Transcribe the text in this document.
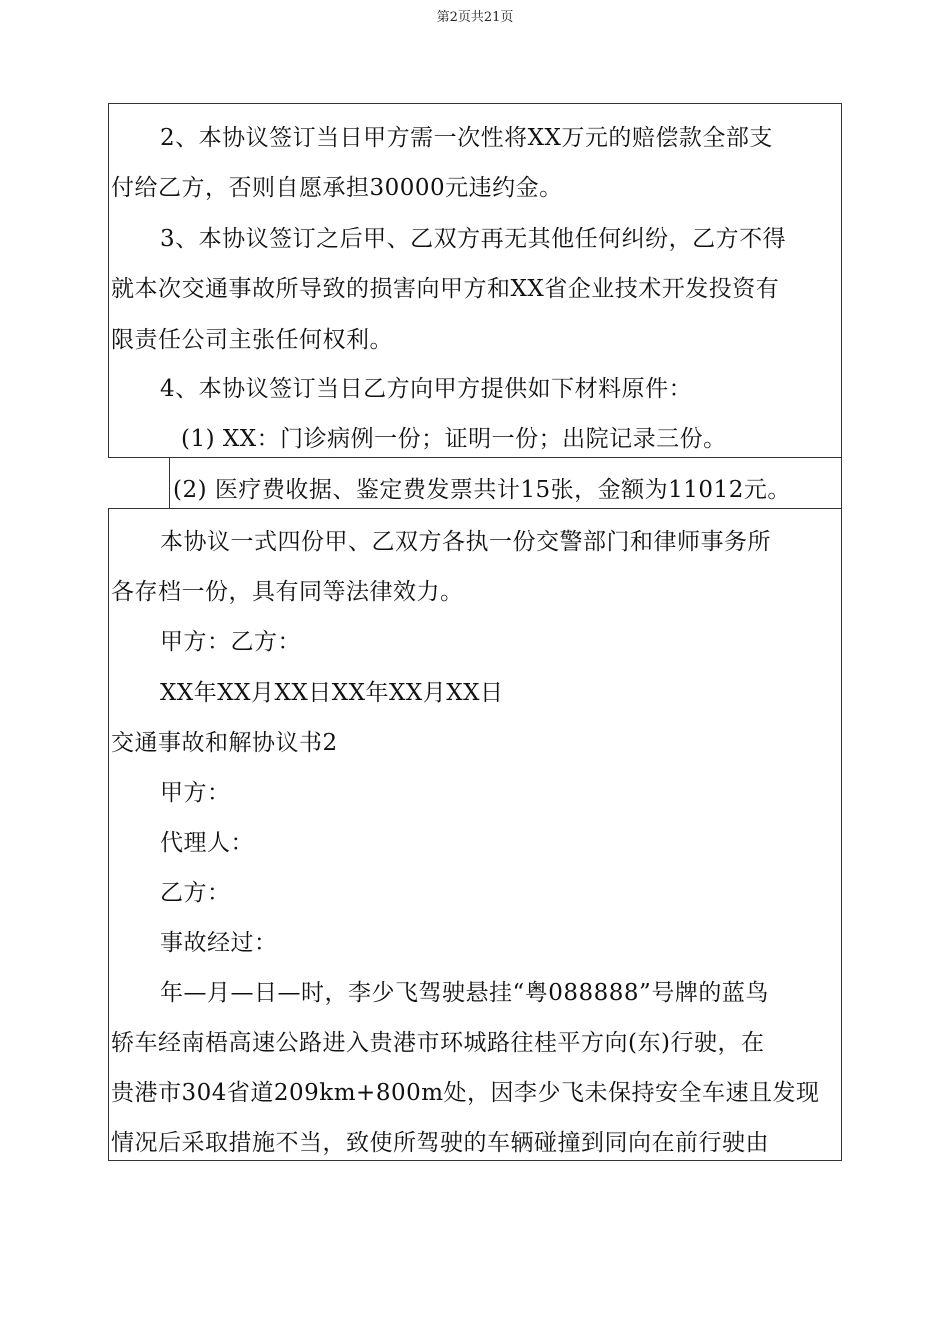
第2页共21页
2、本协议签订当日甲方需一次性将XX万元的赔偿款全部支
付给乙方，否则自愿承担30000元违约金。
3、本协议签订之后甲、乙双方再无其他任何纠纷，乙方不得
就本次交通事故所导致的损害向甲方和XX省企业技术开发投资有
限责任公司主张任何权利。
4、本协议签订当日乙方向甲方提供如下材料原件：
(1) XX：门诊病例一份；证明一份；出院记录三份。
(2) 医疗费收据、鉴定费发票共计15张，金额为11012元。
本协议一式四份甲、乙双方各执一份交警部门和律师事务所
各存档一份，具有同等法律效力。
甲方：乙方：
XX年XX月XX日XX年XX月XX日
交通事故和解协议书2
甲方：
代理人：
乙方：
事故经过：
年—月—日—时，李少飞驾驶悬挂“粤088888”号牌的蓝鸟
轿车经南梧高速公路进入贵港市环城路往桂平方向(东)行驶，在
贵港市304省道209km+800m处，因李少飞未保持安全车速且发现
情况后采取措施不当，致使所驾驶的车辆碰撞到同向在前行驶由
